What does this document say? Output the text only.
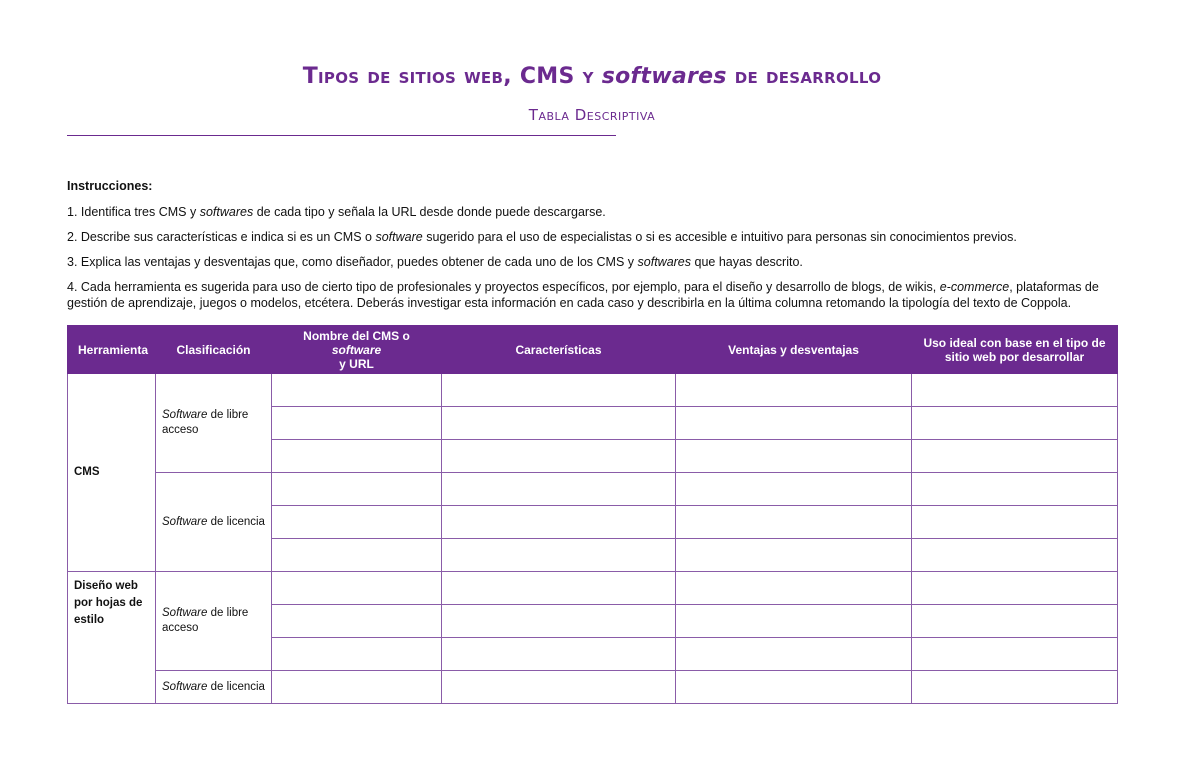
Tipos de sitios web, CMS y softwares de desarrollo
Tabla Descriptiva
Instrucciones:

1. Identifica tres CMS y softwares de cada tipo y señala la URL desde donde puede descargarse.

2. Describe sus características e indica si es un CMS o software sugerido para el uso de especialistas o si es accesible e intuitivo para personas sin conocimientos previos.

3. Explica las ventajas y desventajas que, como diseñador, puedes obtener de cada uno de los CMS y softwares que hayas descrito.

4. Cada herramienta es sugerida para uso de cierto tipo de profesionales y proyectos específicos, por ejemplo, para el diseño y desarrollo de blogs, de wikis, e-commerce, plataformas de gestión de aprendizaje, juegos o modelos, etcétera. Deberás investigar esta información en cada caso y describirla en la última columna retomando la tipología del texto de Coppola.

Herramienta	Clasificación	Nombre del CMS o software
y URL	Características	Ventajas y desventajas	Uso ideal con base en el tipo de sitio web por desarrollar
CMS	Software de libre acceso				

	Software de licencia				

Diseño web por hojas de estilo	Software de libre acceso				

	Software de licencia				
